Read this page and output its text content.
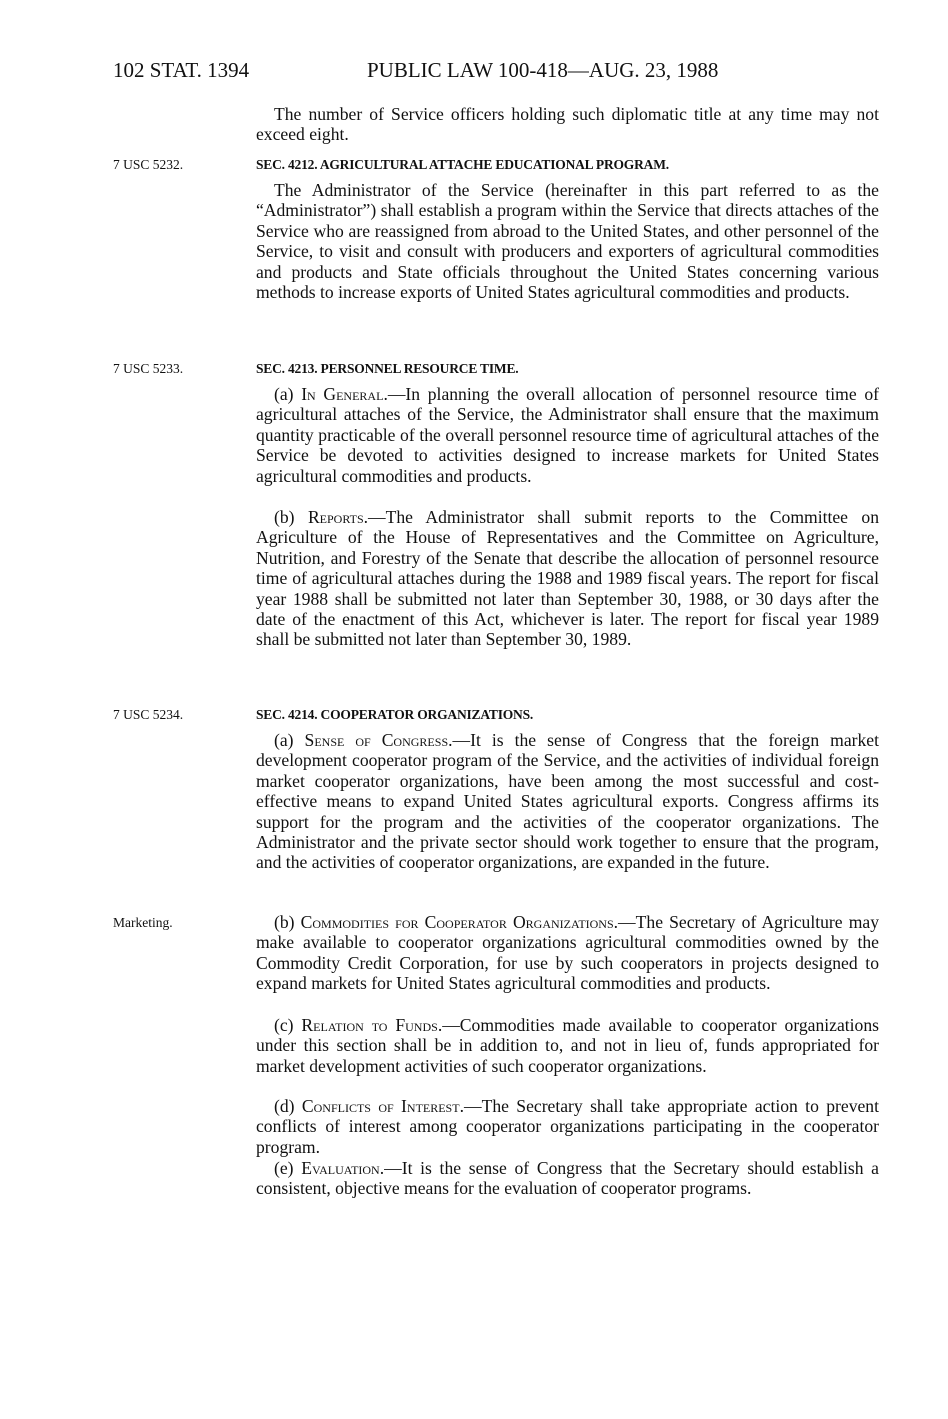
102 STAT. 1394	PUBLIC LAW 100-418—AUG. 23, 1988

The number of Service officers holding such diplomatic title at any time may not exceed eight.

7 USC 5232.	SEC. 4212. AGRICULTURAL ATTACHE EDUCATIONAL PROGRAM.

The Administrator of the Service (hereinafter in this part referred to as the “Administrator”) shall establish a program within the Service that directs attaches of the Service who are reassigned from abroad to the United States, and other personnel of the Service, to visit and consult with producers and exporters of agricultural commodities and products and State officials throughout the United States concerning various methods to increase exports of United States agricultural commodities and products.

7 USC 5233.	SEC. 4213. PERSONNEL RESOURCE TIME.

(a) In General.—In planning the overall allocation of personnel resource time of agricultural attaches of the Service, the Administrator shall ensure that the maximum quantity practicable of the overall personnel resource time of agricultural attaches of the Service be devoted to activities designed to increase markets for United States agricultural commodities and products.

(b) Reports.—The Administrator shall submit reports to the Committee on Agriculture of the House of Representatives and the Committee on Agriculture, Nutrition, and Forestry of the Senate that describe the allocation of personnel resource time of agricultural attaches during the 1988 and 1989 fiscal years. The report for fiscal year 1988 shall be submitted not later than September 30, 1988, or 30 days after the date of the enactment of this Act, whichever is later. The report for fiscal year 1989 shall be submitted not later than September 30, 1989.

7 USC 5234.	SEC. 4214. COOPERATOR ORGANIZATIONS.

(a) Sense of Congress.—It is the sense of Congress that the foreign market development cooperator program of the Service, and the activities of individual foreign market cooperator organizations, have been among the most successful and cost-effective means to expand United States agricultural exports. Congress affirms its support for the program and the activities of the cooperator organizations. The Administrator and the private sector should work together to ensure that the program, and the activities of cooperator organizations, are expanded in the future.

Marketing.	(b) Commodities for Cooperator Organizations.—The Secretary of Agriculture may make available to cooperator organizations agricultural commodities owned by the Commodity Credit Corporation, for use by such cooperators in projects designed to expand markets for United States agricultural commodities and products.

(c) Relation to Funds.—Commodities made available to cooperator organizations under this section shall be in addition to, and not in lieu of, funds appropriated for market development activities of such cooperator organizations.

(d) Conflicts of Interest.—The Secretary shall take appropriate action to prevent conflicts of interest among cooperator organizations participating in the cooperator program.

(e) Evaluation.—It is the sense of Congress that the Secretary should establish a consistent, objective means for the evaluation of cooperator programs.
